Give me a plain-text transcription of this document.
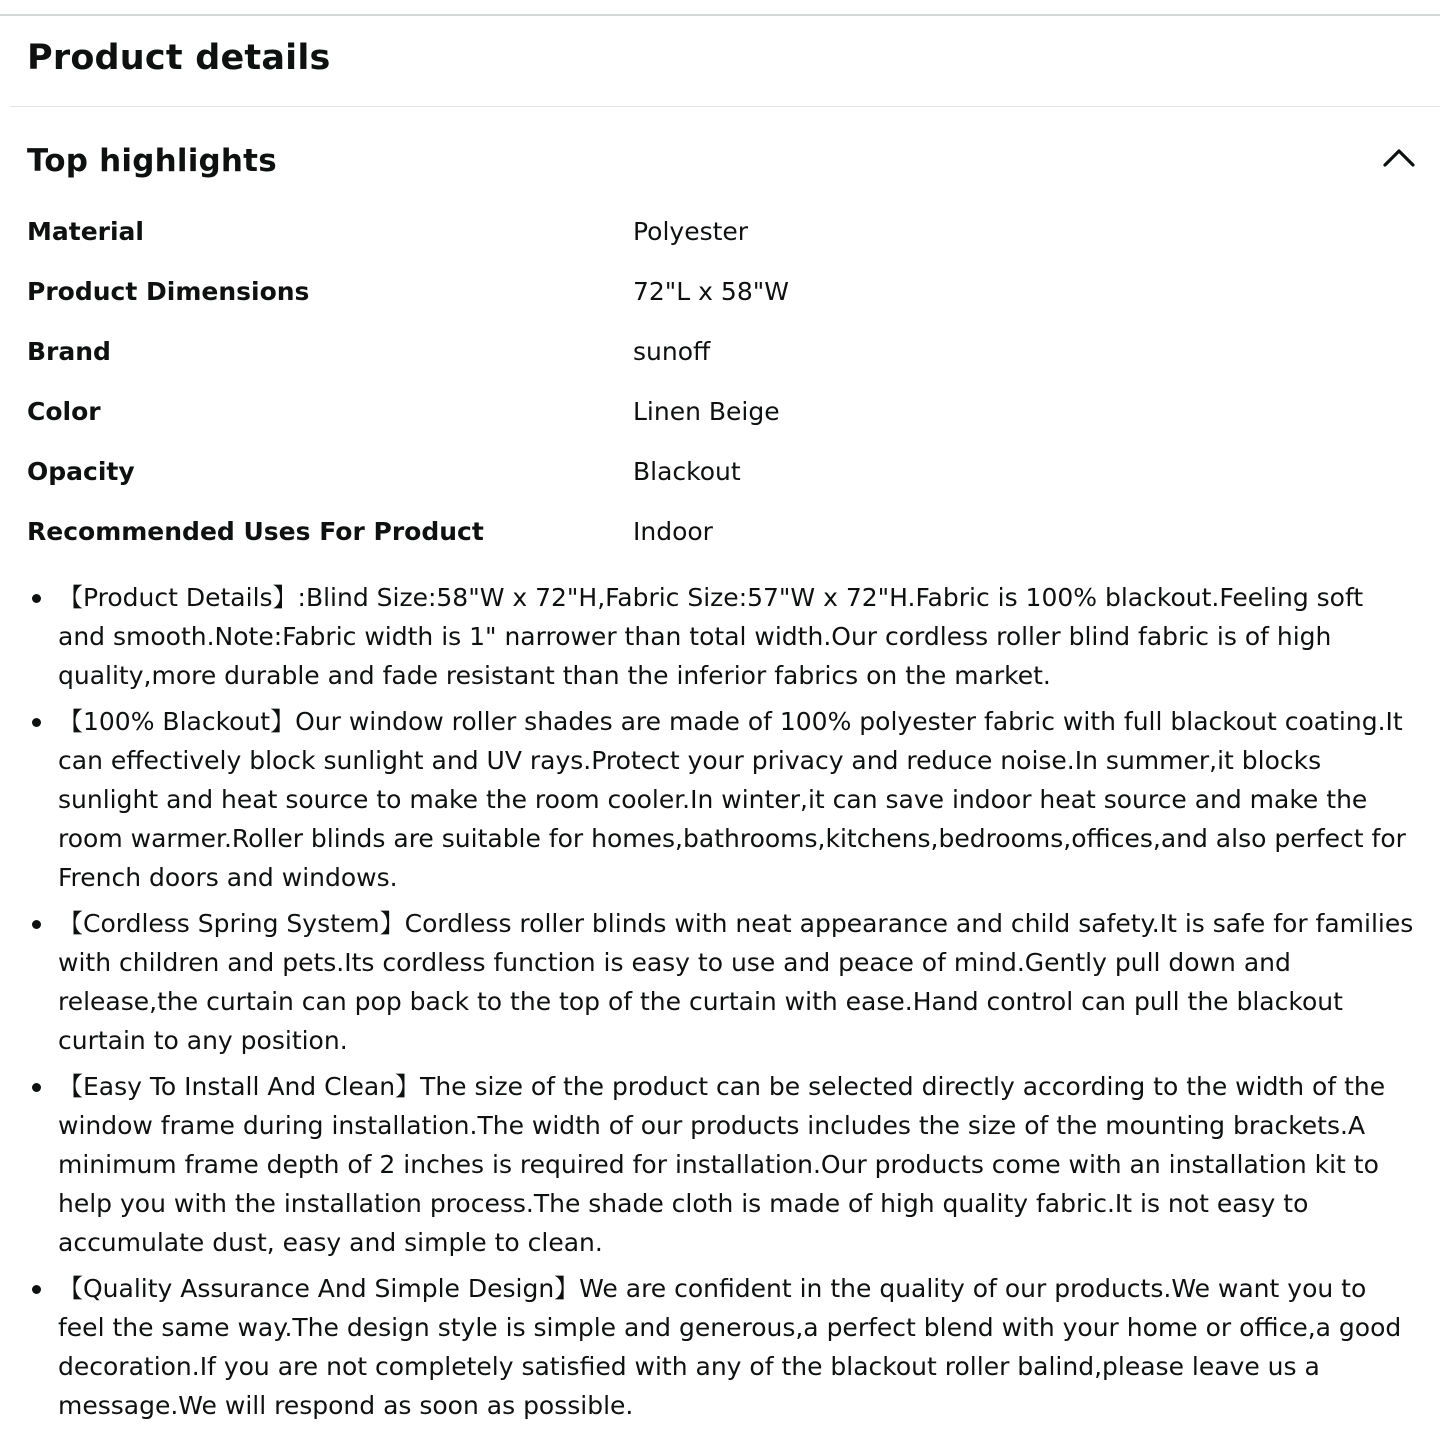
Product details
Top highlights
Material	Polyester
Product Dimensions	72"L x 58"W
Brand	sunoff
Color	Linen Beige
Opacity	Blackout
Recommended Uses For Product	Indoor
【Product Details】:Blind Size:58"W x 72"H,Fabric Size:57"W x 72"H.Fabric is 100% blackout.Feeling soft and smooth.Note:Fabric width is 1" narrower than total width.Our cordless roller blind fabric is of high quality,more durable and fade resistant than the inferior fabrics on the market.
【100% Blackout】Our window roller shades are made of 100% polyester fabric with full blackout coating.It can effectively block sunlight and UV rays.Protect your privacy and reduce noise.In summer,it blocks sunlight and heat source to make the room cooler.In winter,it can save indoor heat source and make the room warmer.Roller blinds are suitable for homes,bathrooms,kitchens,bedrooms,offices,and also perfect for French doors and windows.
【Cordless Spring System】Cordless roller blinds with neat appearance and child safety.It is safe for families with children and pets.Its cordless function is easy to use and peace of mind.Gently pull down and release,the curtain can pop back to the top of the curtain with ease.Hand control can pull the blackout curtain to any position.
【Easy To Install And Clean】The size of the product can be selected directly according to the width of the window frame during installation.The width of our products includes the size of the mounting brackets.A minimum frame depth of 2 inches is required for installation.Our products come with an installation kit to help you with the installation process.The shade cloth is made of high quality fabric.It is not easy to accumulate dust, easy and simple to clean.
【Quality Assurance And Simple Design】We are confident in the quality of our products.We want you to feel the same way.The design style is simple and generous,a perfect blend with your home or office,a good decoration.If you are not completely satisfied with any of the blackout roller balind,please leave us a message.We will respond as soon as possible.
